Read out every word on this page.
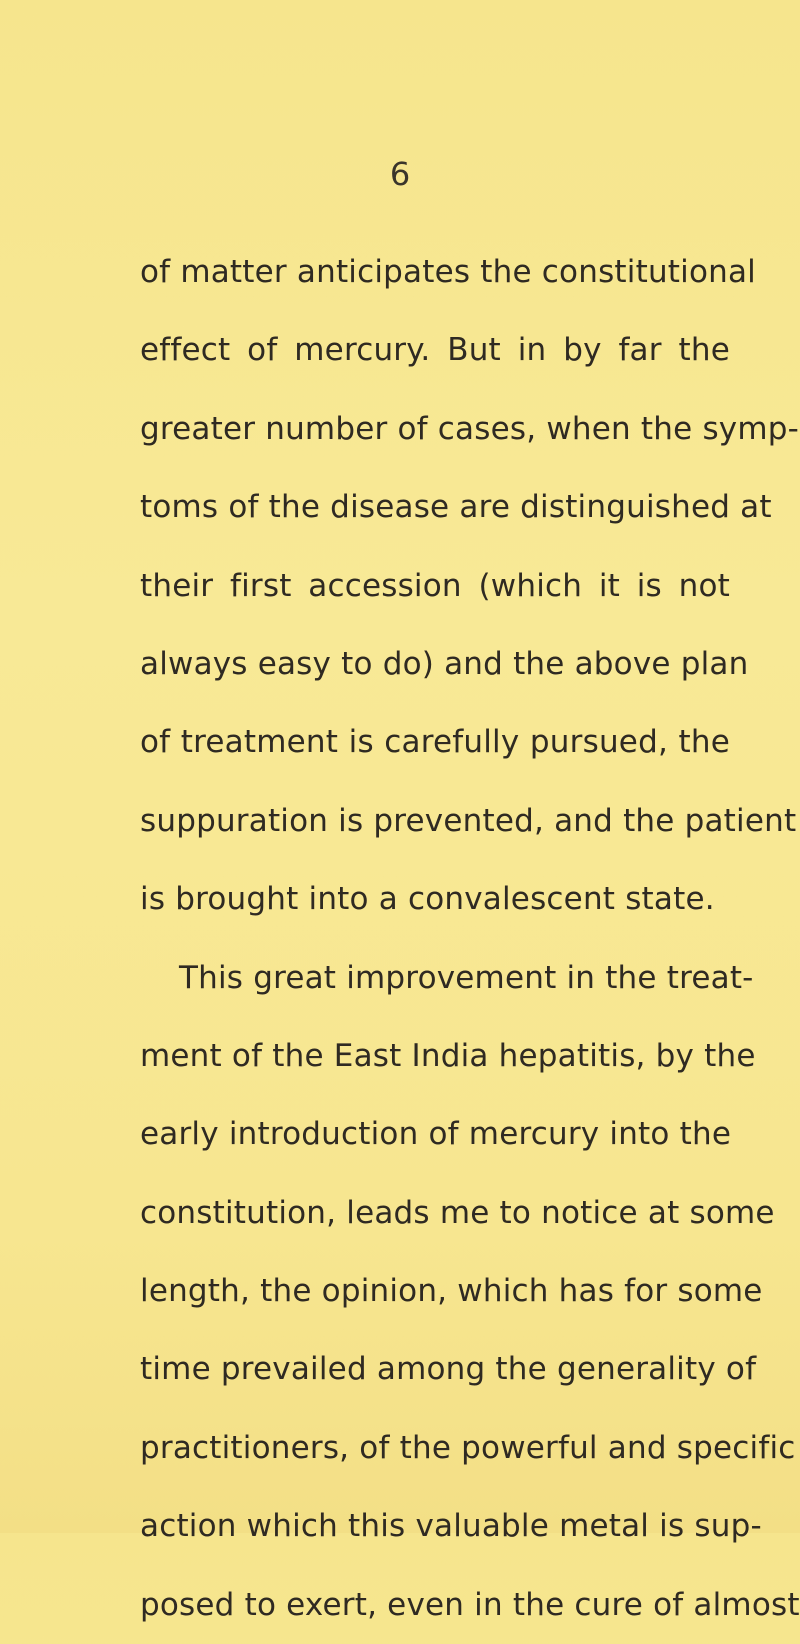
6
of matter anticipates the constitutional
effect of mercury. But in by far the
greater number of cases, when the symp-
toms of the disease are distinguished at
their first accession (which it is not
always easy to do) and the above plan
of treatment is carefully pursued, the
suppuration is prevented, and the patient
is brought into a convalescent state.
This great improvement in the treat-
ment of the East India hepatitis, by the
early introduction of mercury into the
constitution, leads me to notice at some
length, the opinion, which has for some
time prevailed among the generality of
practitioners, of the powerful and specific
action which this valuable metal is sup-
posed to exert, even in the cure of almost
